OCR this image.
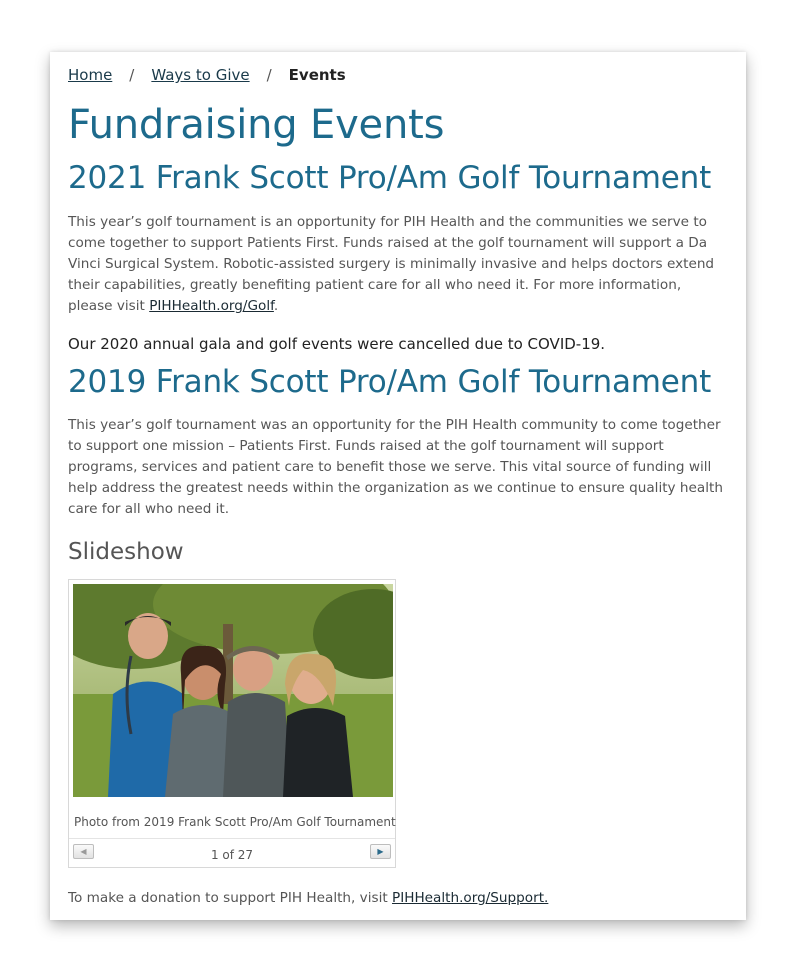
Home / Ways to Give / Events
Fundraising Events
2021 Frank Scott Pro/Am Golf Tournament

This year’s golf tournament is an opportunity for PIH Health and the communities we serve to come together to support Patients First. Funds raised at the golf tournament will support a Da Vinci Surgical System. Robotic-assisted surgery is minimally invasive and helps doctors extend their capabilities, greatly benefiting patient care for all who need it. For more information, please visit PIHHealth.org/Golf.

Our 2020 annual gala and golf events were cancelled due to COVID-19.

2019 Frank Scott Pro/Am Golf Tournament

This year’s golf tournament was an opportunity for the PIH Health community to come together to support one mission – Patients First. Funds raised at the golf tournament will support programs, services and patient care to benefit those we serve. This vital source of funding will help address the greatest needs within the organization as we continue to ensure quality health care for all who need it.

Slideshow
Photo from 2019 Frank Scott Pro/Am Golf Tournament
◀	1 of 27	▶

To make a donation to support PIH Health, visit PIHHealth.org/Support.
